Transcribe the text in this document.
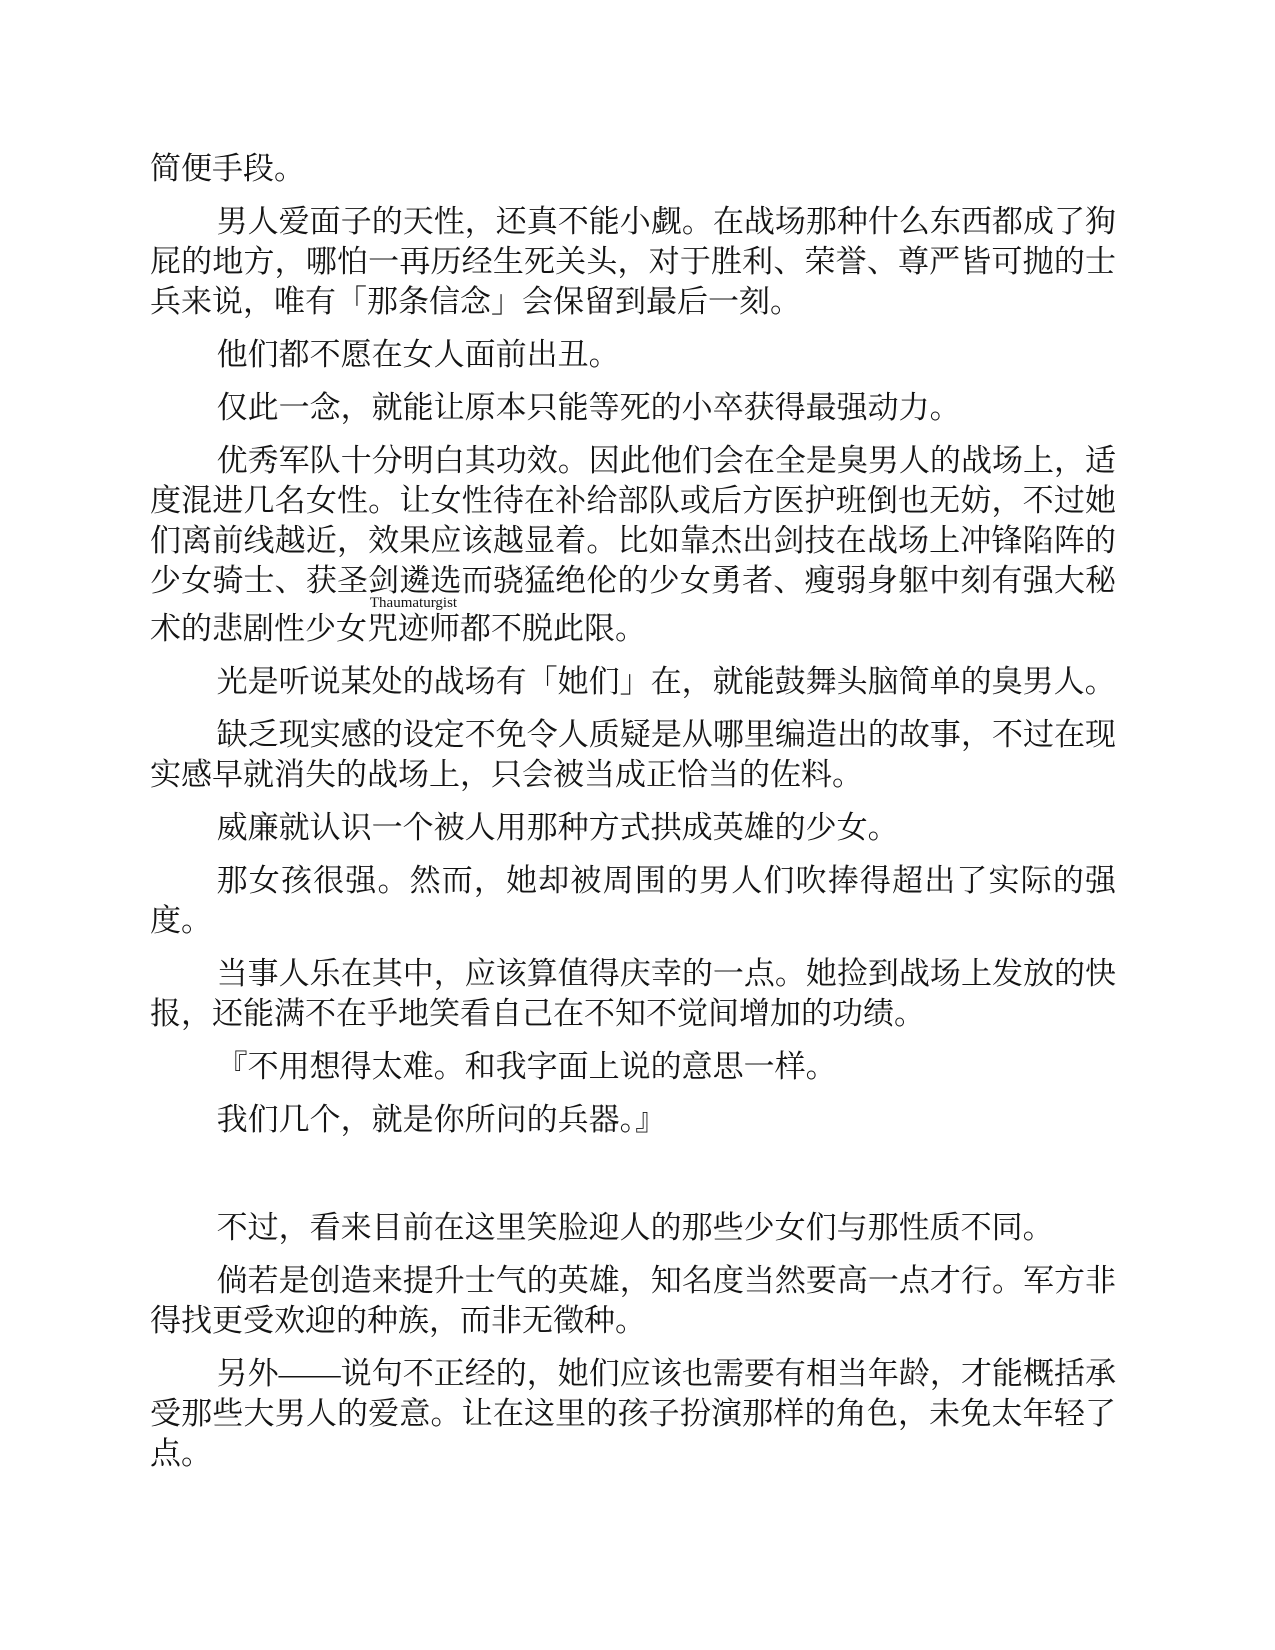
简便手段。

男人爱面子的天性，还真不能小觑。在战场那种什么东西都成了狗屁的地方，哪怕一再历经生死关头，对于胜利、荣誉、尊严皆可抛的士兵来说，唯有「那条信念」会保留到最后一刻。

他们都不愿在女人面前出丑。

仅此一念，就能让原本只能等死的小卒获得最强动力。

优秀军队十分明白其功效。因此他们会在全是臭男人的战场上，适度混进几名女性。让女性待在补给部队或后方医护班倒也无妨，不过她们离前线越近，效果应该越显着。比如靠杰出剑技在战场上冲锋陷阵的少女骑士、获圣剑遴选而骁猛绝伦的少女勇者、瘦弱身躯中刻有强大秘术的悲剧性少女咒迹师Thaumaturgist都不脱此限。

光是听说某处的战场有「她们」在，就能鼓舞头脑简单的臭男人。

缺乏现实感的设定不免令人质疑是从哪里编造出的故事，不过在现实感早就消失的战场上，只会被当成正恰当的佐料。

威廉就认识一个被人用那种方式拱成英雄的少女。

那女孩很强。然而，她却被周围的男人们吹捧得超出了实际的强度。

当事人乐在其中，应该算值得庆幸的一点。她捡到战场上发放的快报，还能满不在乎地笑看自己在不知不觉间增加的功绩。

『不用想得太难。和我字面上说的意思一样。

我们几个，就是你所问的兵器。』

不过，看来目前在这里笑脸迎人的那些少女们与那性质不同。

倘若是创造来提升士气的英雄，知名度当然要高一点才行。军方非得找更受欢迎的种族，而非无徵种。

另外——说句不正经的，她们应该也需要有相当年龄，才能概括承受那些大男人的爱意。让在这里的孩子扮演那样的角色，未免太年轻了点。
